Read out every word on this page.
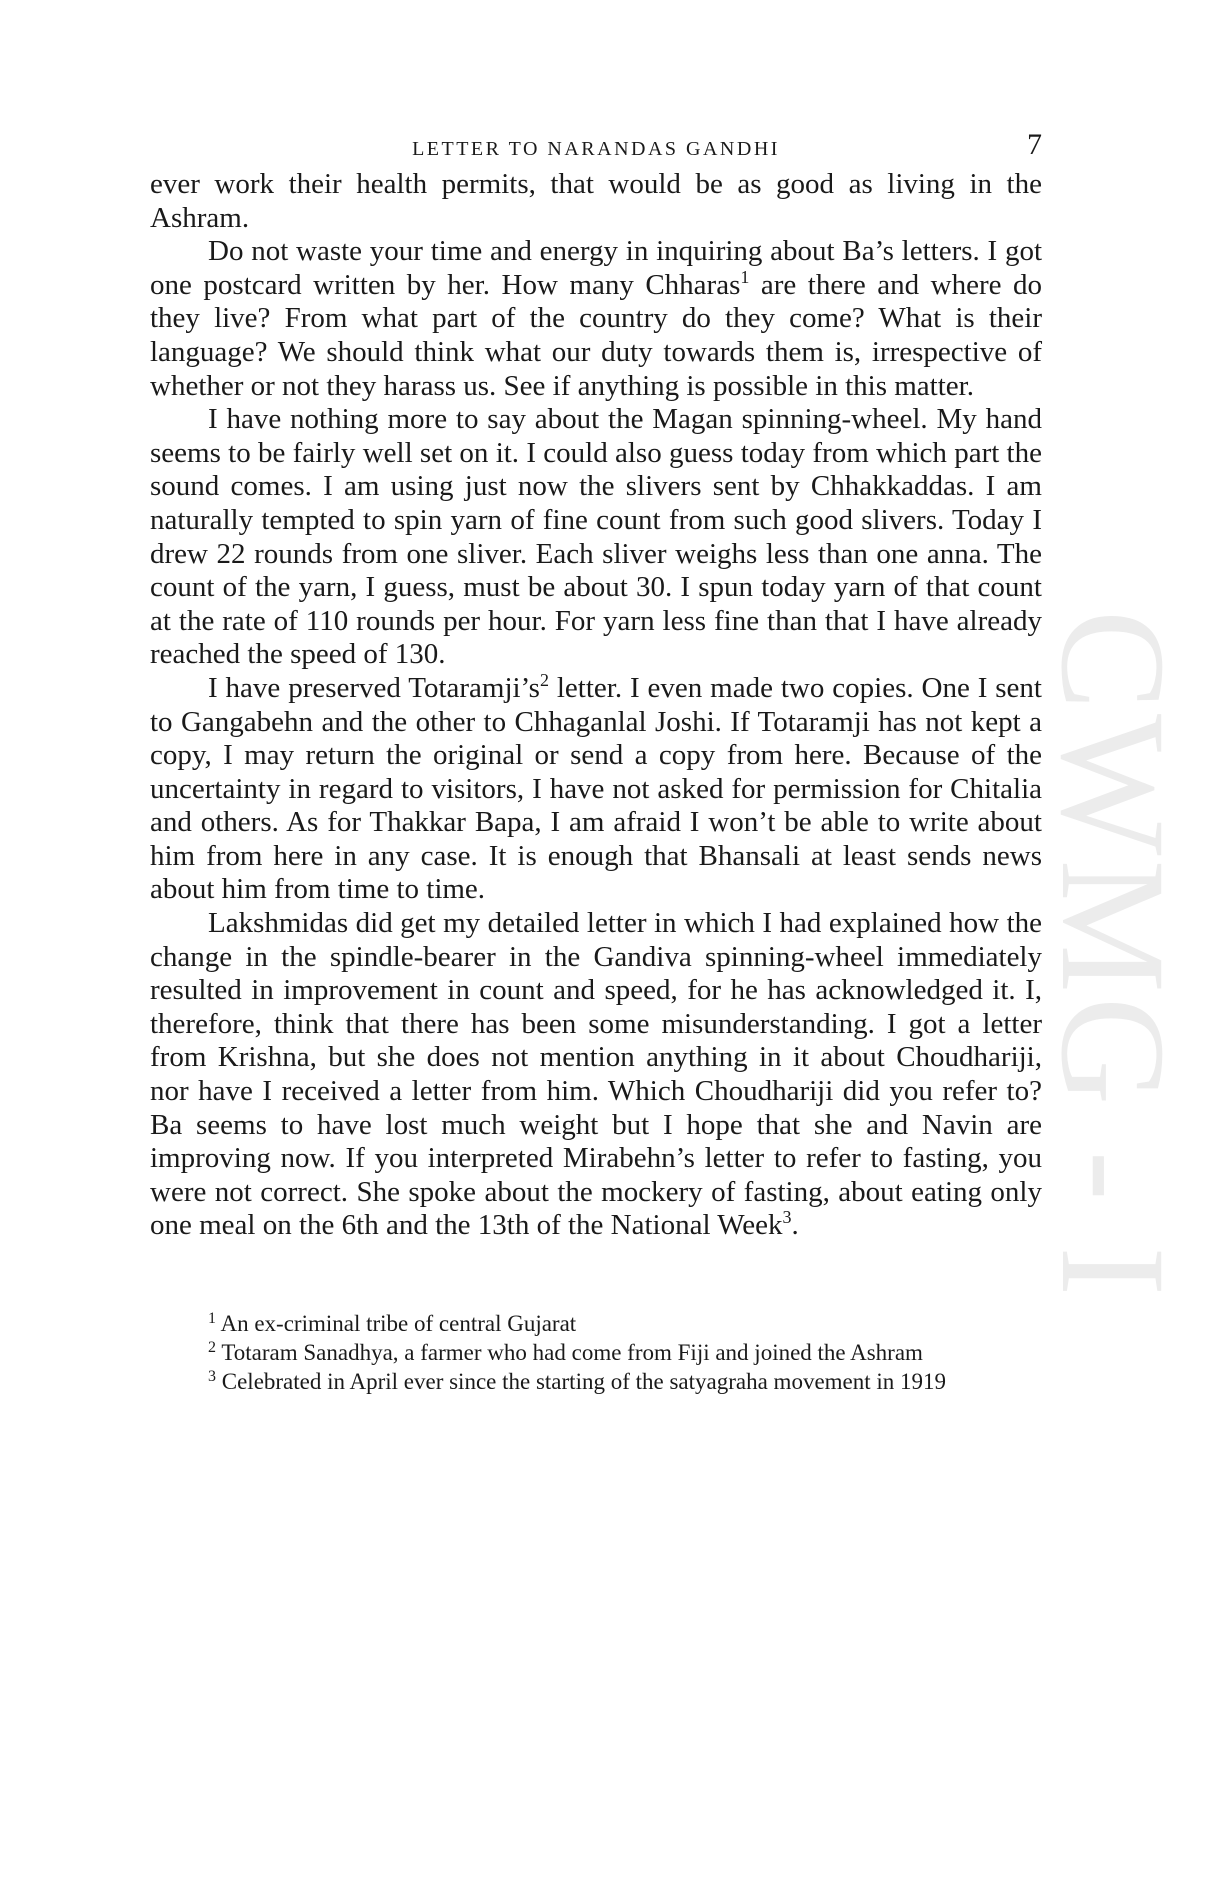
CWMG - I
LETTER TO NARANDAS GANDHI	7

ever work their health permits, that would be as good as living in the Ashram.

Do not waste your time and energy in inquiring about Ba’s letters. I got one postcard written by her. How many Chharas$^1$ are there and where do they live? From what part of the country do they come? What is their language? We should think what our duty towards them is, irrespective of whether or not they harass us. See if anything is possible in this matter.

I have nothing more to say about the Magan spinning-wheel. My hand seems to be fairly well set on it. I could also guess today from which part the sound comes. I am using just now the slivers sent by Chhakkaddas. I am naturally tempted to spin yarn of fine count from such good slivers. Today I drew 22 rounds from one sliver. Each sliver weighs less than one anna. The count of the yarn, I guess, must be about 30. I spun today yarn of that count at the rate of 110 rounds per hour. For yarn less fine than that I have already reached the speed of 130.

I have preserved $Totaramji’s^2$ letter. I even made two copies. One I sent to Gangabehn and the other to Chhaganlal Joshi. If Totaramji has not kept a copy, I may return the original or send a copy from here. Because of the uncertainty in regard to visitors, I have not asked for permission for Chitalia and others. As for Thakkar Bapa, I am afraid I won’t be able to write about him from here in any case. It is enough that Bhansali at least sends news about him from time to time.

Lakshmidas did get my detailed letter in which I had explained how the change in the spindle-bearer in the Gandiva spinning-wheel immediately resulted in improvement in count and speed, for he has acknowledged it. I, therefore, think that there has been some misunderstanding. I got a letter from Krishna, but she does not mention anything in it about Choudhariji, nor have I received a letter from him. Which Choudhariji did you refer to? Ba seems to have lost much weight but I hope that she and Navin are improving now. If you interpreted Mirabehn’s letter to refer to fasting, you were not correct. She spoke about the mockery of fasting, about eating only one meal on the 6th and the 13th of the National Week$^3$.

$^1$ An ex-criminal tribe of central Gujarat

$^2$ Totaram Sanadhya, a farmer who had come from Fiji and joined the Ashram

$^3$ Celebrated in April ever since the starting of the satyagraha movement in 1919
